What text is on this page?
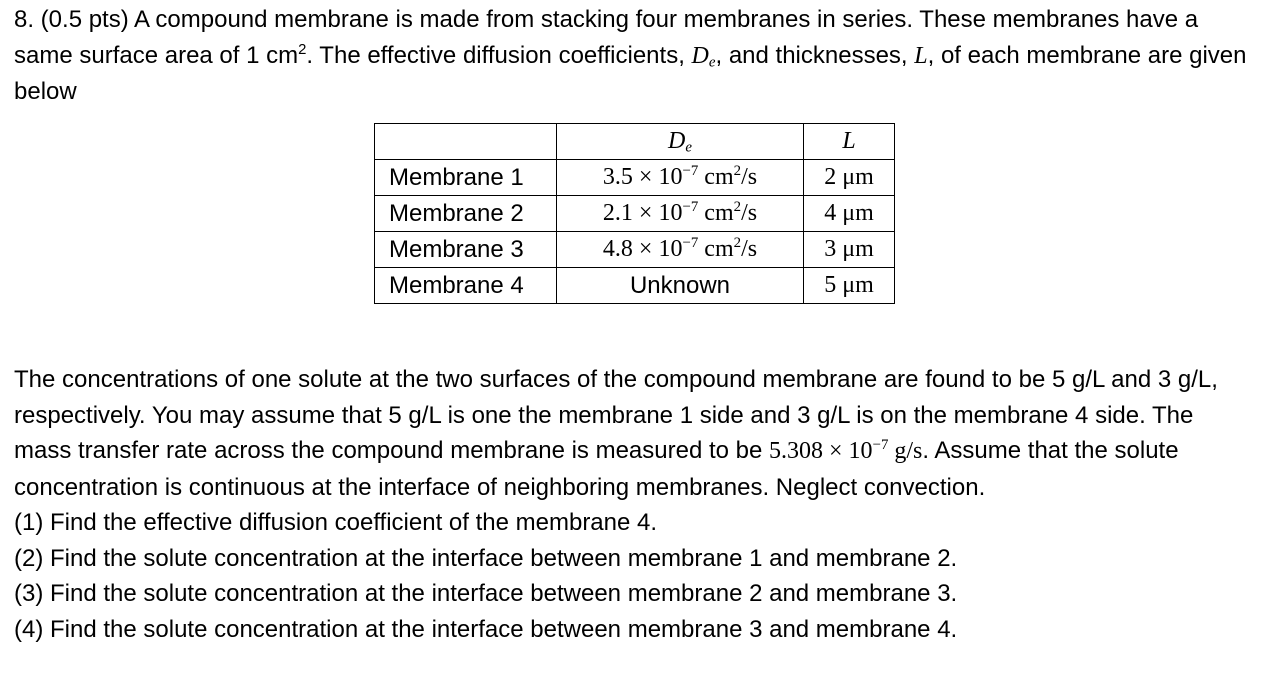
8. (0.5 pts) A compound membrane is made from stacking four membranes in series. These membranes have a same surface area of 1 $cm^2$. The effective diffusion coefficients, $D_e$, and thicknesses, L, of each membrane are given below

	$D_e$	L
Membrane 1	$3.5 \times 10^{-7}$ $cm^2/s$	2 μm
Membrane 2	$2.1 \times 10^{-7}$ $cm^2/s$	4 μm
Membrane 3	$4.8 \times 10^{-7}$ $cm^2/s$	3 μm
Membrane 4	Unknown	5 μm

The concentrations of one solute at the two surfaces of the compound membrane are found to be 5 g/L and 3 g/L, respectively. You may assume that 5 g/L is one the membrane 1 side and 3 g/L is on the membrane 4 side. The mass transfer rate across the compound membrane is measured to be $5.308 \times 10^{-7}$ g/s. Assume that the solute concentration is continuous at the interface of neighboring membranes. Neglect convection.
(1) Find the effective diffusion coefficient of the membrane 4.
(2) Find the solute concentration at the interface between membrane 1 and membrane 2.
(3) Find the solute concentration at the interface between membrane 2 and membrane 3.
(4) Find the solute concentration at the interface between membrane 3 and membrane 4.
